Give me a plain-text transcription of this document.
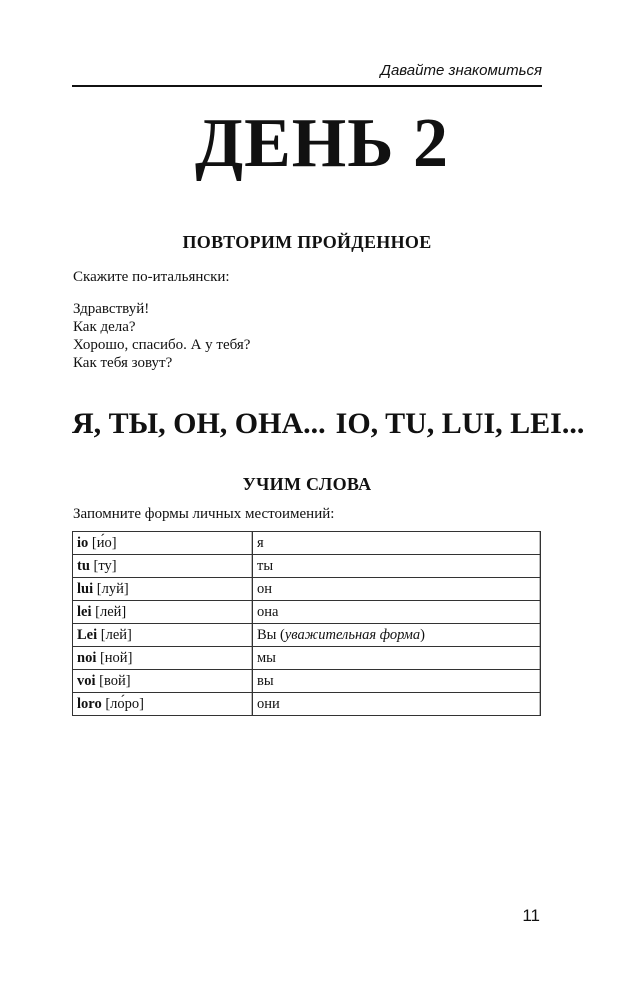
Давайте знакомиться
ДЕНЬ 2
ПОВТОРИМ ПРОЙДЕННОЕ
Скажите по-итальянски:
Здравствуй!
Как дела?
Хорошо, спасибо. А у тебя?
Как тебя зовут?
Я, ТЫ, ОН, ОНА... IO, TU, LUI, LEI...
УЧИМ СЛОВА
Запомните формы личных местоимений:
io [и́о]	я
tu [ту]	ты
lui [луй]	он
lei [лей]	она
Lei [лей]	Вы (уважительная форма)
noi [ной]	мы
voi [вой]	вы
loro [ло́ро]	они
11
